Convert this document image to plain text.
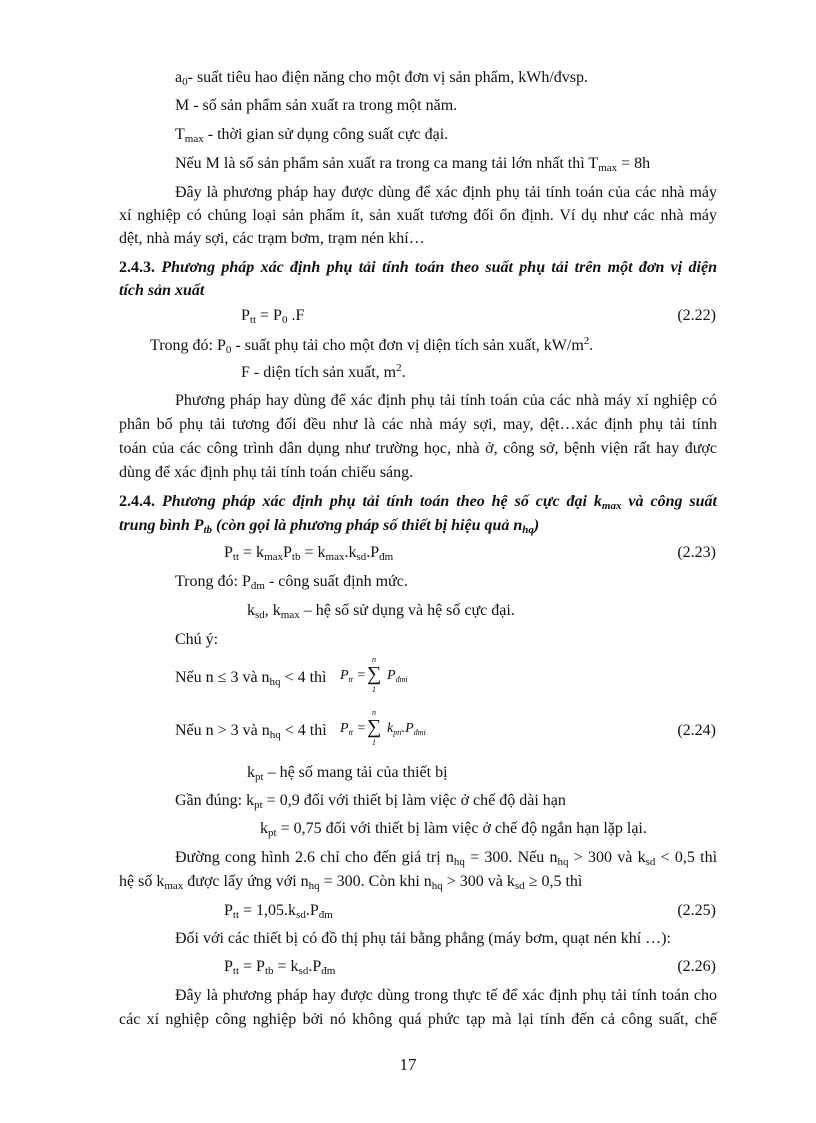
$a_0-$ suất tiêu hao điện năng cho một đơn vị sản phẩm, kWh/đvsp.
M - số sản phẩm sản xuất ra trong một năm.
$T_{max}$ - thời gian sử dụng công suất cực đại.
Nếu M là số sản phẩm sản xuất ra trong ca mang tải lớn nhất thì $T_{max} = 8h$
Đây là phương pháp hay được dùng để xác định phụ tải tính toán của các nhà máy
xí nghiệp có chủng loại sản phẩm ít, sản xuất tương đối ổn định. Ví dụ như các nhà máy
dệt, nhà máy sợi, các trạm bơm, trạm nén khí…
2.4.3. Phương pháp xác định phụ tải tính toán theo suất phụ tải trên một đơn vị diện
tích sản xuất
$P_{tt} = P_0$ .F	(2.22)
Trong đó: $P_0$ - suất phụ tải cho một đơn vị diện tích sản xuất, $kW/m^2$.
F - diện tích sản xuất, $m^2$.
Phương pháp hay dùng để xác định phụ tải tính toán của các nhà máy xí nghiệp có
phân bố phụ tải tương đối đều như là các nhà máy sợi, may, dệt…xác định phụ tải tính
toán của các công trình dân dụng như trường học, nhà ở, công sở, bệnh viện rất hay được
dùng để xác định phụ tải tính toán chiếu sáng.
2.4.4. Phương pháp xác định phụ tải tính toán theo hệ số cực đại $k_{max}$ và công suất
trung bình $P_{tb}$ (còn gọi là phương pháp số thiết bị hiệu quả $n_{hq}$)
$P_{tt} = k_{max}P_{tb} = k_{max}.k_{sd}.P_{đm}$	(2.23)
Trong đó: $P_{đm}$ - công suất định mức.
$k_{sd}$, $k_{max}$ – hệ số sử dụng và hệ số cực đại.
Chú ý:
Nếu n ≤ 3 và $n_{hq} < 4$ thì $P_{tt}$ =
n
∑
1
$P_{đmi}$
Nếu n > 3 và $n_{hq} < 4$ thì $P_{tt}$ =
n
∑
1
$k_{pti}.P_{đmi}$	(2.24)
$k_{pt}$ – hệ số mang tải của thiết bị
Gần đúng: $k_{pt} = 0,9$ đối với thiết bị làm việc ở chế độ dài hạn
$k_{pt} = 0,75$ đối với thiết bị làm việc ở chế độ ngắn hạn lặp lại.
Đường cong hình 2.6 chỉ cho đến giá trị $n_{hq} = 300$. Nếu $n_{hq} > 300$ và $k_{sd} < 0,5$ thì
hệ số $k_{max}$ được lấy ứng với $n_{hq} = 300$. Còn khi $n_{hq} > 300$ và $k_{sd} \ge 0,5$ thì
$P_{tt} = 1,05.k_{sd}.P_{đm}$	(2.25)
Đối với các thiết bị có đồ thị phụ tải bằng phẳng (máy bơm, quạt nén khí …):
$P_{tt} = P_{tb} = k_{sd}.P_{đm}$	(2.26)
Đây là phương pháp hay được dùng trong thực tế để xác định phụ tải tính toán cho
các xí nghiệp công nghiệp bởi nó không quá phức tạp mà lại tính đến cả công suất, chế
17
